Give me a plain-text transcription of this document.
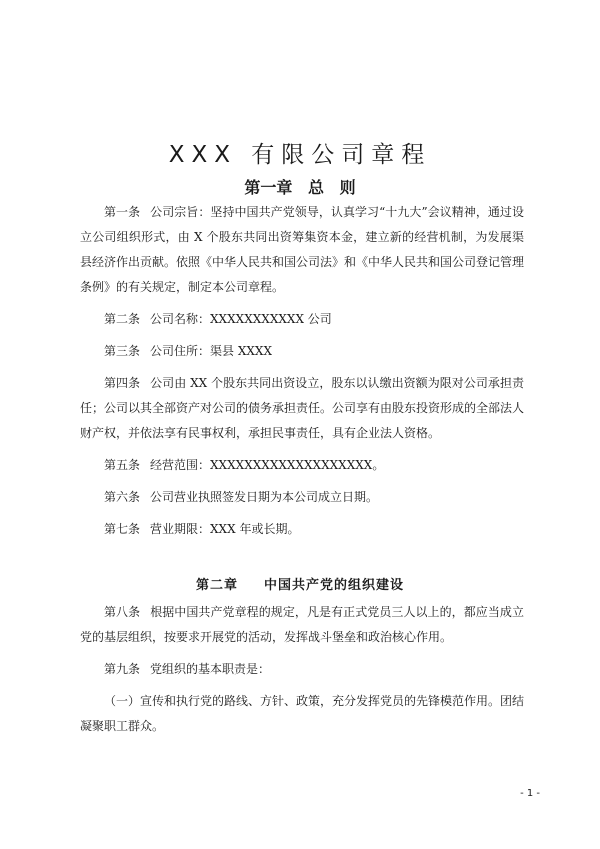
XXX 有限公司章程
第一章 总 则

第一条 公司宗旨：坚持中国共产党领导，认真学习“十九大”会议精神，通过设立公司组织形式，由 X 个股东共同出资筹集资本金，建立新的经营机制，为发展渠县经济作出贡献。依照《中华人民共和国公司法》和《中华人民共和国公司登记管理条例》的有关规定，制定本公司章程。

第二条 公司名称：XXXXXXXXXXX 公司

第三条 公司住所：渠县 XXXX

第四条 公司由 XX 个股东共同出资设立，股东以认缴出资额为限对公司承担责任；公司以其全部资产对公司的债务承担责任。公司享有由股东投资形成的全部法人财产权，并依法享有民事权利，承担民事责任，具有企业法人资格。

第五条 经营范围：XXXXXXXXXXXXXXXXXXX。

第六条 公司营业执照签发日期为本公司成立日期。

第七条 营业期限：XXX 年或长期。

第二章 中国共产党的组织建设

第八条 根据中国共产党章程的规定，凡是有正式党员三人以上的，都应当成立党的基层组织，按要求开展党的活动，发挥战斗堡垒和政治核心作用。

第九条 党组织的基本职责是：

（一）宣传和执行党的路线、方针、政策，充分发挥党员的先锋模范作用。团结凝聚职工群众。

- 1 -
